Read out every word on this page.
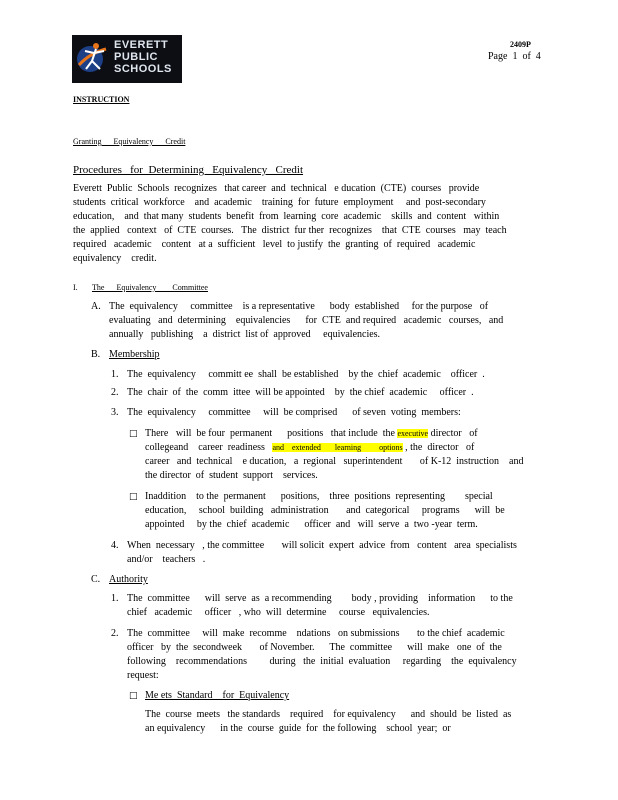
EVERETT
PUBLIC
SCHOOLS
2409P
Page  1  of  4
INSTRUCTION
Granting      Equivalency      Credit
Procedures   for  Determining   Equivalency   Credit
Everett  Public  Schools  recognizes   that career  and  technical   e ducation  (CTE)  courses   provide
students  critical  workforce    and  academic    training  for  future  employment     and  post-secondary
education,    and  that many  students  benefit  from  learning  core  academic    skills  and  content   within
the  applied   context   of  CTE  courses.   The  district  fur ther  recognizes    that  CTE  courses   may  teach
required   academic    content   at a  sufficient   level  to justify  the  granting  of  required   academic
equivalency    credit.
I. The      Equivalency        Committee
A. The  equivalency     committee    is a representative      body  established     for the purpose   of
evaluating   and  determining    equivalencies      for  CTE  and required   academic   courses,   and
annually   publishing    a  district  list of  approved     equivalencies.
B. Membership
1. The  equivalency     committ ee  shall  be established    by the  chief  academic    officer  .
2. The  chair  of  the  comm  ittee  will be appointed    by  the chief  academic     officer  .
3. The  equivalency     committee     will  be comprised      of seven  voting  members:
□ There   will  be four  permanent      positions   that include  the executive director   of
collegeand    career  readiness   and    extended       learning         options , the  director   of
career   and  technical    e ducation,   a  regional   superintendent       of K-12  instruction    and
the director  of  student  support    services.
□ Inaddition    to the  permanent      positions,    three  positions  representing        special
education,     school  building   administration       and  categorical     programs      will  be
appointed     by the  chief  academic      officer  and   will  serve  a  two -year  term.
4. When  necessary   , the committee       will solicit  expert  advice  from   content   area  specialists
and/or    teachers   .
C. Authority
1. The  committee      will  serve  as  a recommending        body , providing    information      to the
chief   academic     officer   , who  will  determine     course   equivalencies.
2. The  committee     will  make  recomme    ndations   on submissions       to the chief  academic
officer   by  the  secondweek       of November.      The  committee      will  make   one  of  the
following    recommendations         during   the  initial  evaluation     regarding    the  equivalency
request:
□ Me ets  Standard    for  Equivalency
The  course  meets   the standards    required    for equivalency      and  should  be  listed  as
an equivalency      in the  course  guide  for  the following    school  year;  or
